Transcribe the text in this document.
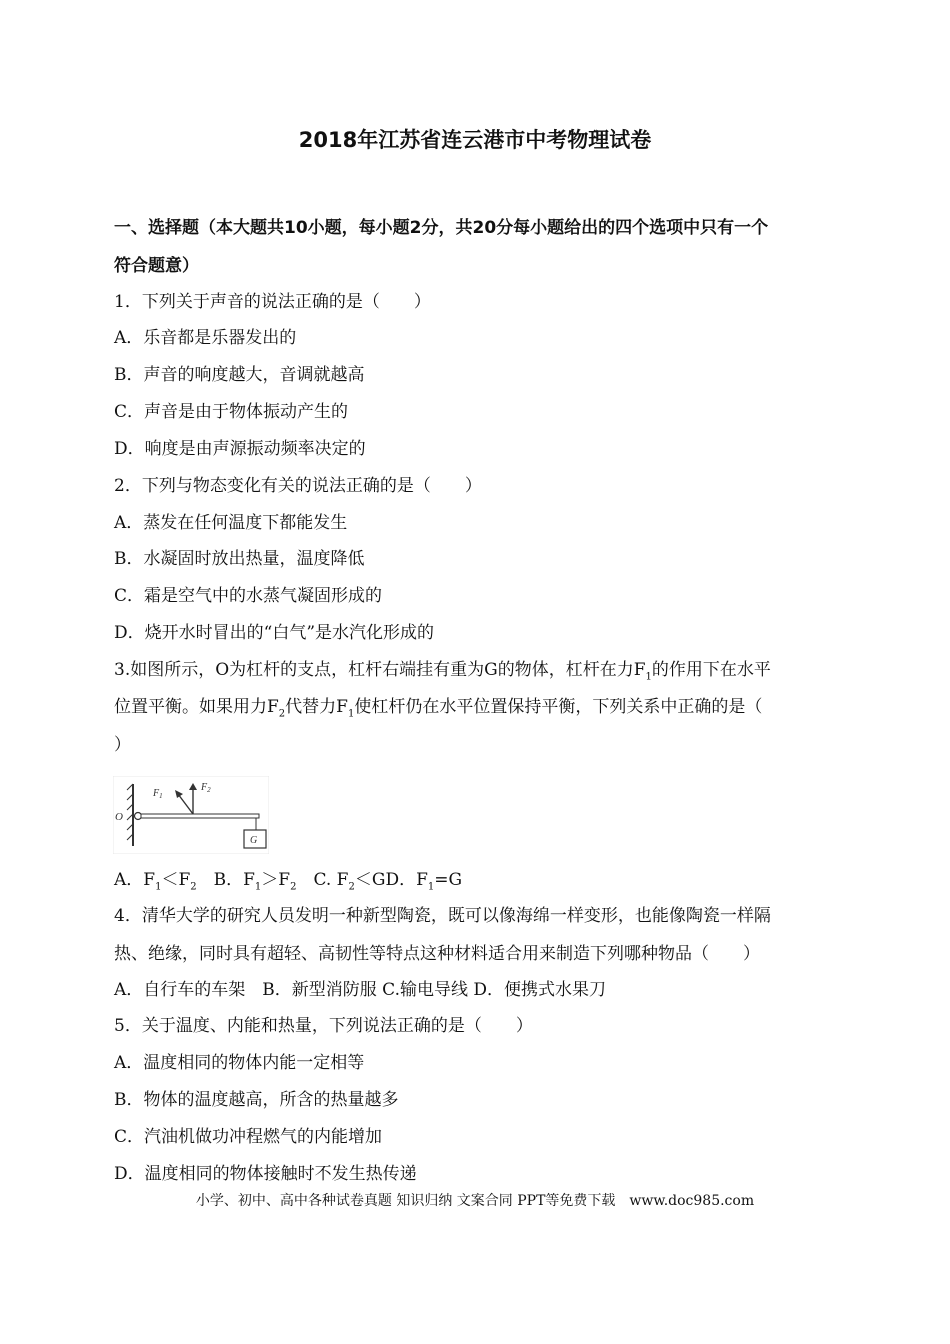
2018年江苏省连云港市中考物理试卷
一、选择题（本大题共10小题，每小题2分，共20分每小题给出的四个选项中只有一个
符合题意）
1．下列关于声音的说法正确的是（　　）
A．乐音都是乐器发出的
B．声音的响度越大，音调就越高
C．声音是由于物体振动产生的
D．响度是由声源振动频率决定的
2．下列与物态变化有关的说法正确的是（　　）
A．蒸发在任何温度下都能发生
B．水凝固时放出热量，温度降低
C．霜是空气中的水蒸气凝固形成的
D．烧开水时冒出的“白气”是水汽化形成的
3.如图所示，O为杠杆的支点，杠杆右端挂有重为G的物体，杠杆在力$F_1$的作用下在水平
位置平衡。如果用力$F_2$代替力$F_1$使杠杆仍在水平位置保持平衡，下列关系中正确的是（
）
O
$F_1$
$F_2$
G
A．$F_1<F_2$　B．$F_1>F_2$　C. $F_2<GD$．$F_1=G$
4．清华大学的研究人员发明一种新型陶瓷，既可以像海绵一样变形，也能像陶瓷一样隔
热、绝缘，同时具有超轻、高韧性等特点这种材料适合用来制造下列哪种物品（　　）
A．自行车的车架　B．新型消防服 C.输电导线 D．便携式水果刀
5．关于温度、内能和热量，下列说法正确的是（　　）
A．温度相同的物体内能一定相等
B．物体的温度越高，所含的热量越多
C．汽油机做功冲程燃气的内能增加
D．温度相同的物体接触时不发生热传递
小学、初中、高中各种试卷真题 知识归纳 文案合同 PPT等免费下载　www.doc985.com
